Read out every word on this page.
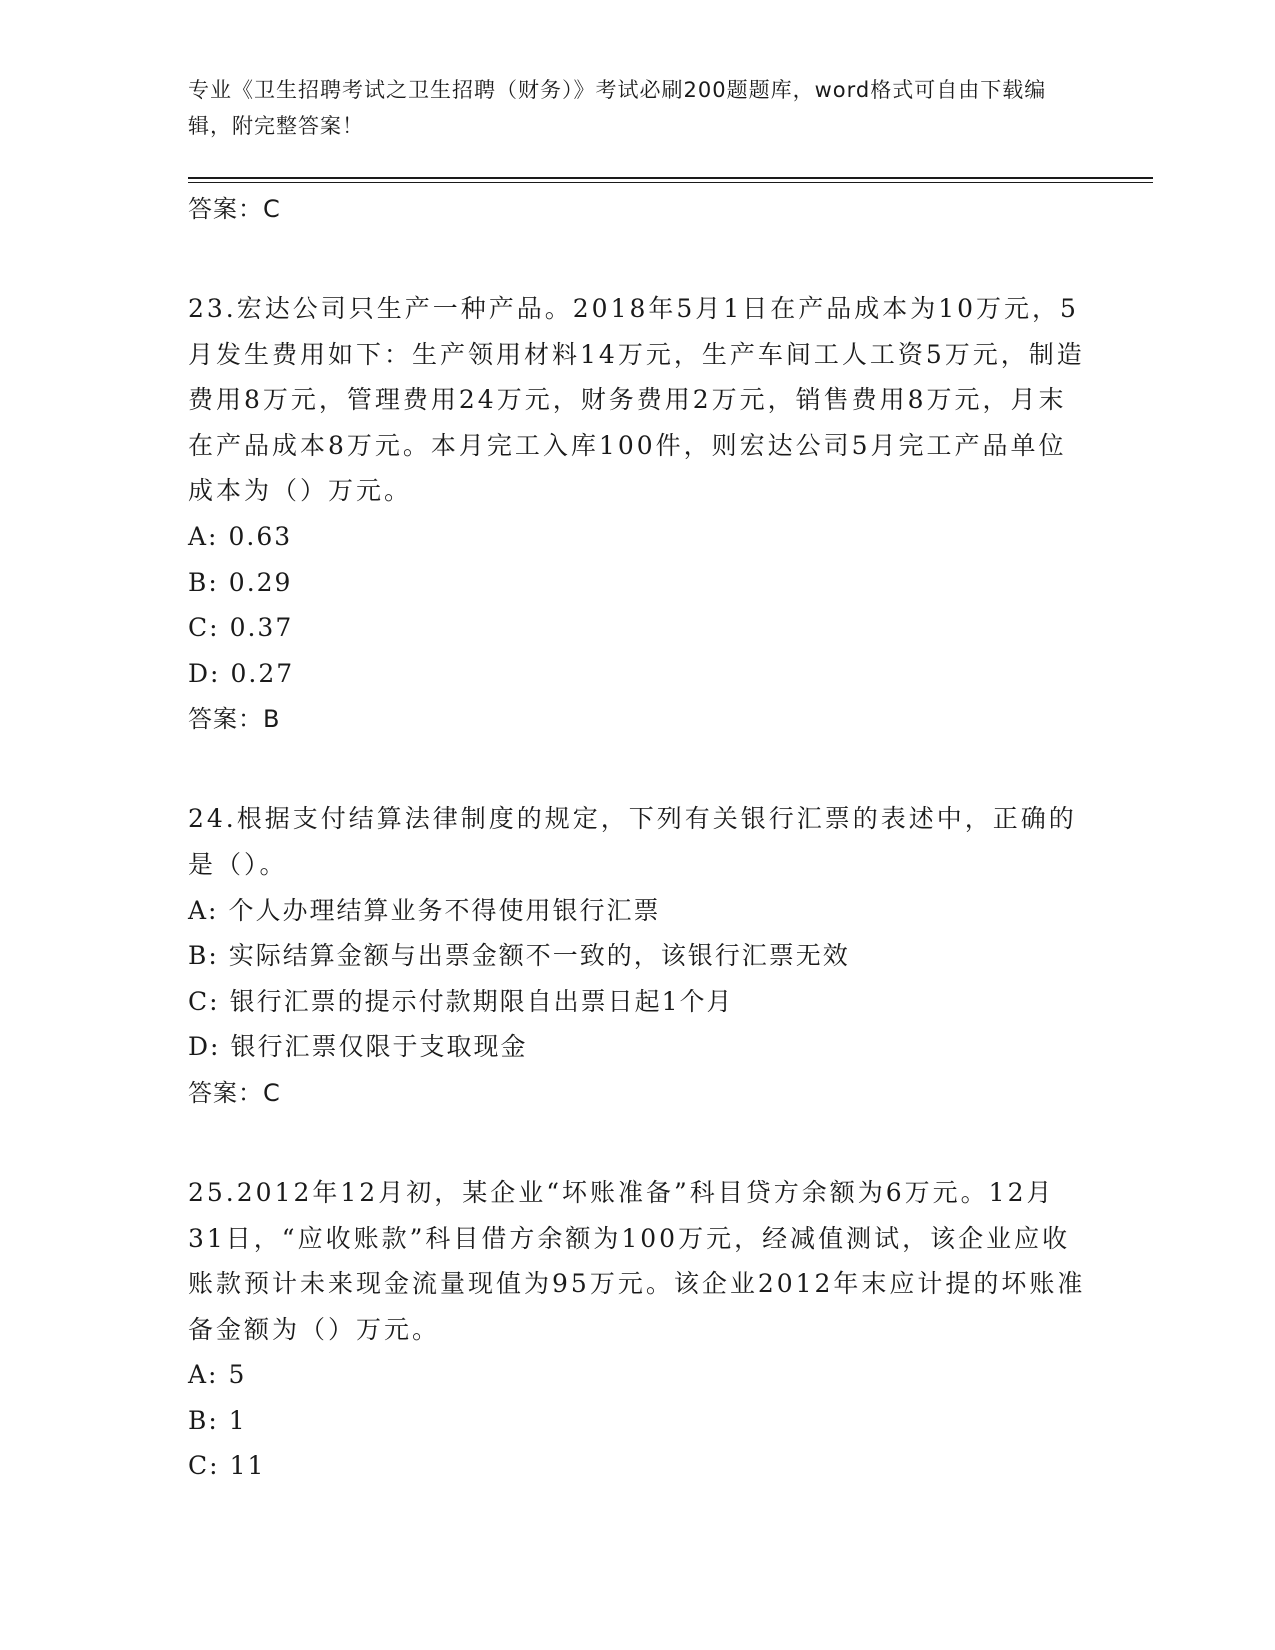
专业《卫生招聘考试之卫生招聘（财务）》考试必刷200题题库，word格式可自由下载编辑，附完整答案！
答案：C
23.宏达公司只生产一种产品。2018年5月1日在产品成本为10万元，5月发生费用如下：生产领用材料14万元，生产车间工人工资5万元，制造费用8万元，管理费用24万元，财务费用2万元，销售费用8万元，月末在产品成本8万元。本月完工入库100件，则宏达公司5月完工产品单位成本为（）万元。
A: 0.63
B: 0.29
C: 0.37
D: 0.27
答案：B
24.根据支付结算法律制度的规定，下列有关银行汇票的表述中，正确的是（）。
A: 个人办理结算业务不得使用银行汇票
B: 实际结算金额与出票金额不一致的，该银行汇票无效
C: 银行汇票的提示付款期限自出票日起1个月
D: 银行汇票仅限于支取现金
答案：C
25.2012年12月初，某企业“坏账准备”科目贷方余额为6万元。12月31日，“应收账款”科目借方余额为100万元，经减值测试，该企业应收账款预计未来现金流量现值为95万元。该企业2012年末应计提的坏账准备金额为（）万元。
A: 5
B: 1
C: 11
